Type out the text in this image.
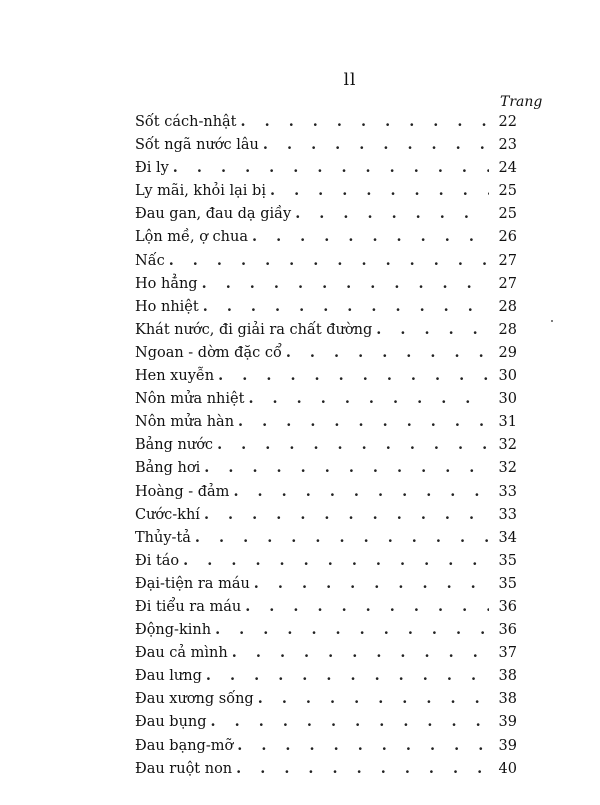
ll
Trang
Sốt cách-nhật . . .	22
Sốt ngã nước lâu . . .	23
Đi ly . . .	24
Ly mãi, khỏi lại bị . . .	25
Đau gan, đau dạ giầy . . .	25
Lộn mề, ợ chua . . .	26
Nấc . . .	27
Ho hẳng . . .	27
Ho nhiệt . . .	28
Khát nước, đi giải ra chất đường . . .	28
Ngoan - dờm đặc cổ . . .	29
Hen xuyễn . . .	30
Nôn mửa nhiệt . . .	30
Nôn mửa hàn . . .	31
Bảng nước . . .	32
Bảng hơi . . .	32
Hoàng - đảm . . .	33
Cước-khí . . .	33
Thủy-tả . . .	34
Đi táo . . .	35
Đại-tiện ra máu . . .	35
Đi tiểu ra máu . . .	36
Động-kinh . . .	36
Đau cả mình . . .	37
Đau lưng . . .	38
Đau xương sống . . .	38
Đau bụng . . .	39
Đau bạng-mỡ . . .	39
Đau ruột non . . .	40
